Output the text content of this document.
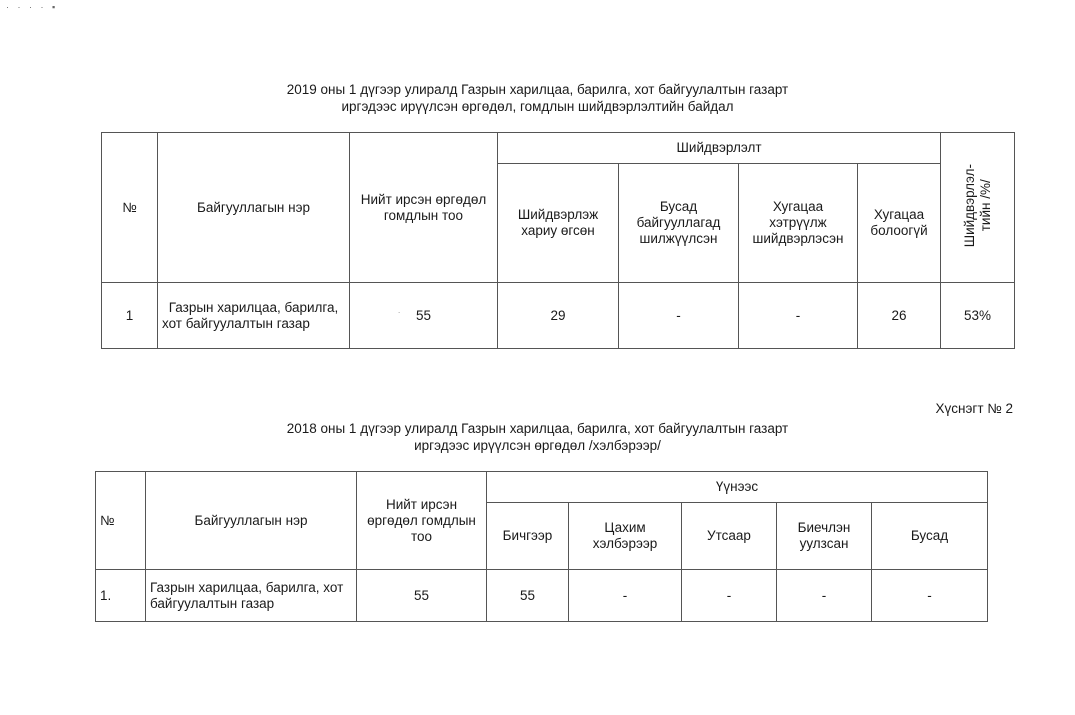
· · · · ▪
2019 оны 1 дүгээр улиралд Газрын харилцаа, барилга, хот байгуулалтын газарт
иргэдээс ирүүлсэн өргөдөл, гомдлын шийдвэрлэлтийн байдал
№	Байгууллагын нэр	Нийт ирсэн өргөдөл гомдлын тоо	Шийдвэрлэлт				Шийдвэрлэл-
тийн /%/
			Шийдвэрлэж хариу өгсөн	Бусад байгууллагад шилжүүлсэн	Хугацаа хэтрүүлж шийдвэрлэсэн	Хугацаа болоогүй	
1	Газрын харилцаа, барилга, хот байгуулалтын газар	55	29	-	-	26	53%
.
Хүснэгт № 2
2018 оны 1 дүгээр улиралд Газрын харилцаа, барилга, хот байгуулалтын газарт
иргэдээс ирүүлсэн өргөдөл /хэлбэрээр/
№	Байгууллагын нэр	Нийт ирсэн өргөдөл гомдлын тоо	Үүнээс				
			Бичгээр	Цахим хэлбэрээр	Утсаар	Биечлэн уулзсан	Бусад
1.	Газрын харилцаа, барилга, хот байгуулалтын газар	55	55	-	-	-	-
